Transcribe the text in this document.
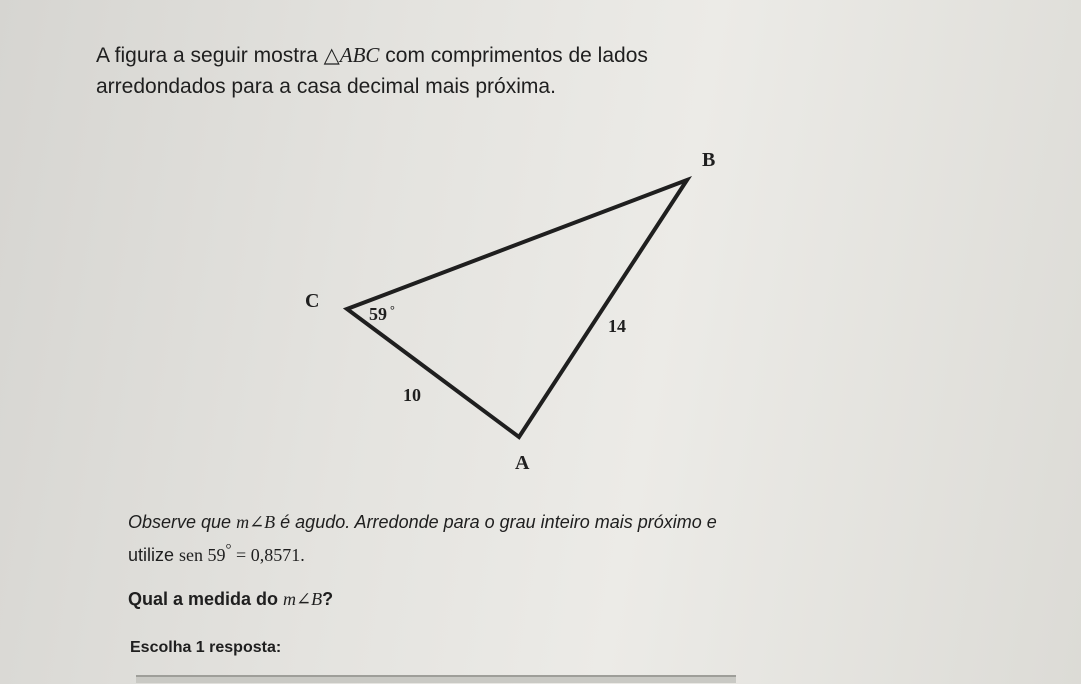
A figura a seguir mostra △ABC com comprimentos de lados
arredondados para a casa decimal mais próxima.
B
C
A
59 °
10
14
Observe que m∠B é agudo. Arredonde para o grau inteiro mais próximo e
utilize sen 59° = 0,8571.
Qual a medida do m∠B?
Escolha 1 resposta:
